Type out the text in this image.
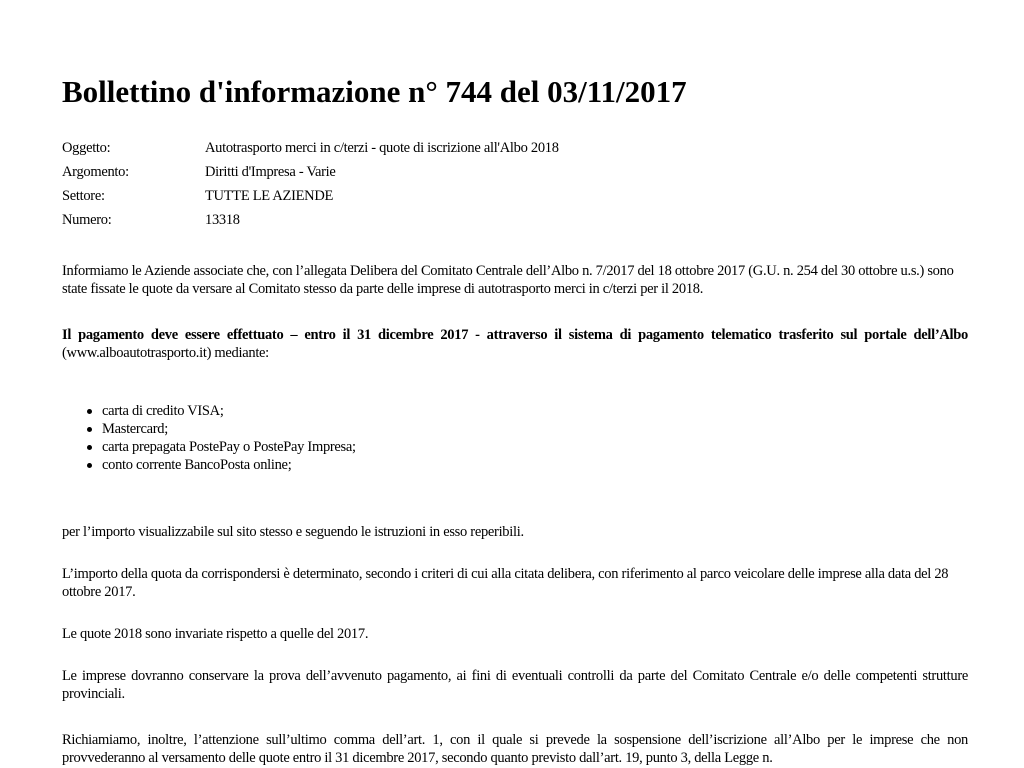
Bollettino d'informazione n° 744 del 03/11/2017
Oggetto:	Autotrasporto merci in c/terzi - quote di iscrizione all'Albo 2018
Argomento:	Diritti d'Impresa - Varie
Settore:	TUTTE LE AZIENDE
Numero:	13318
Informiamo le Aziende associate che, con l’allegata Delibera del Comitato Centrale dell’Albo n. 7/2017 del 18 ottobre 2017 (G.U. n. 254 del 30 ottobre u.s.) sono state fissate le quote da versare al Comitato stesso da parte delle imprese di autotrasporto merci in c/terzi per il 2018.
Il pagamento deve essere effettuato – entro il 31 dicembre 2017 - attraverso il sistema di pagamento telematico trasferito sul portale dell’Albo (www.alboautotrasporto.it) mediante:
carta di credito VISA;
Mastercard;
carta prepagata PostePay o PostePay Impresa;
conto corrente BancoPosta online;
per l’importo visualizzabile sul sito stesso e seguendo le istruzioni in esso reperibili.
L’importo della quota da corrispondersi è determinato, secondo i criteri di cui alla citata delibera, con riferimento al parco veicolare delle imprese alla data del 28 ottobre 2017.
Le quote 2018 sono invariate rispetto a quelle del 2017.
Le imprese dovranno conservare la prova dell’avvenuto pagamento, ai fini di eventuali controlli da parte del Comitato Centrale e/o delle competenti strutture provinciali.
Richiamiamo, inoltre, l’attenzione sull’ultimo comma dell’art. 1, con il quale si prevede la sospensione dell’iscrizione all’Albo per le imprese che non provvederanno al versamento delle quote entro il 31 dicembre 2017, secondo quanto previsto dall’art. 19, punto 3, della Legge n.
